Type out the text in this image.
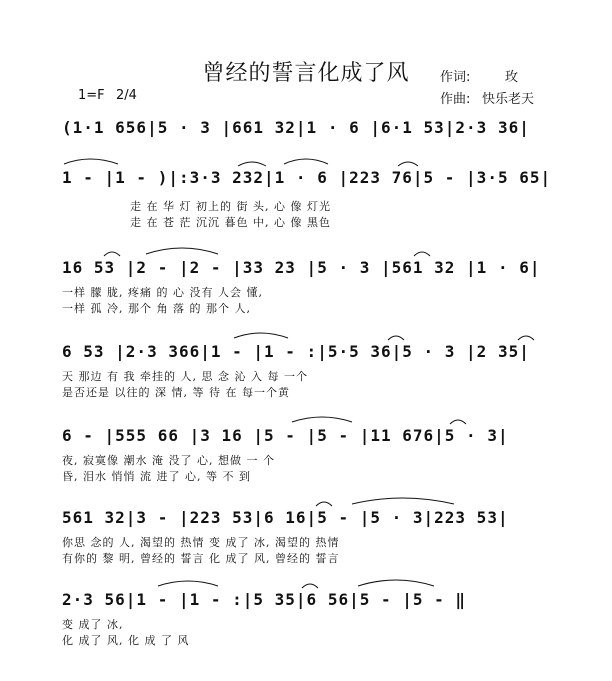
曾经的誓言化成了风	作词:	玫
作曲: 快乐老天
1=F 2/4
(1·1 656|5 · 3 |661 32|1 · 6 |6·1 53|2·3 36|
1 - |1 - )|:3·3 232|1 · 6 |223 76|5 - |3·5 65|
走 在 华 灯 初上的 街 头, 心 像 灯光
走 在 苍 茫 沉沉 暮色 中, 心 像 黑色
16 53 |2 - |2 - |33 23 |5 · 3 |561 32 |1 · 6|
一样 朦 胧, 疼痛 的 心 没有 人会 懂,
一样 孤 冷, 那个 角 落 的 那个 人,
6 53 |2·3 366|1 - |1 - :|5·5 36|5 · 3 |2 35|
天 那边 有 我 牵挂的 人, 思 念 沁 入 每 一个
是否还是 以往的 深 情, 等 待 在 每一个黄
6 - |555 66 |3 16 |5 - |5 - |11 676|5 · 3|
夜, 寂寞像 潮水 淹 没了 心, 想做 一 个
昏, 泪水 悄悄 流 进了 心, 等 不 到
561 32|3 - |223 53|6 16|5 - |5 · 3|223 53|
你思 念的 人, 渴望的 热情 变 成了 冰, 渴望的 热情
有你的 黎 明, 曾经的 誓言 化 成了 风, 曾经的 誓言
2·3 56|1 - |1 - :|5 35|6 56|5 - |5 - ‖
变 成了 冰,
化 成了 风, 化 成 了 风
